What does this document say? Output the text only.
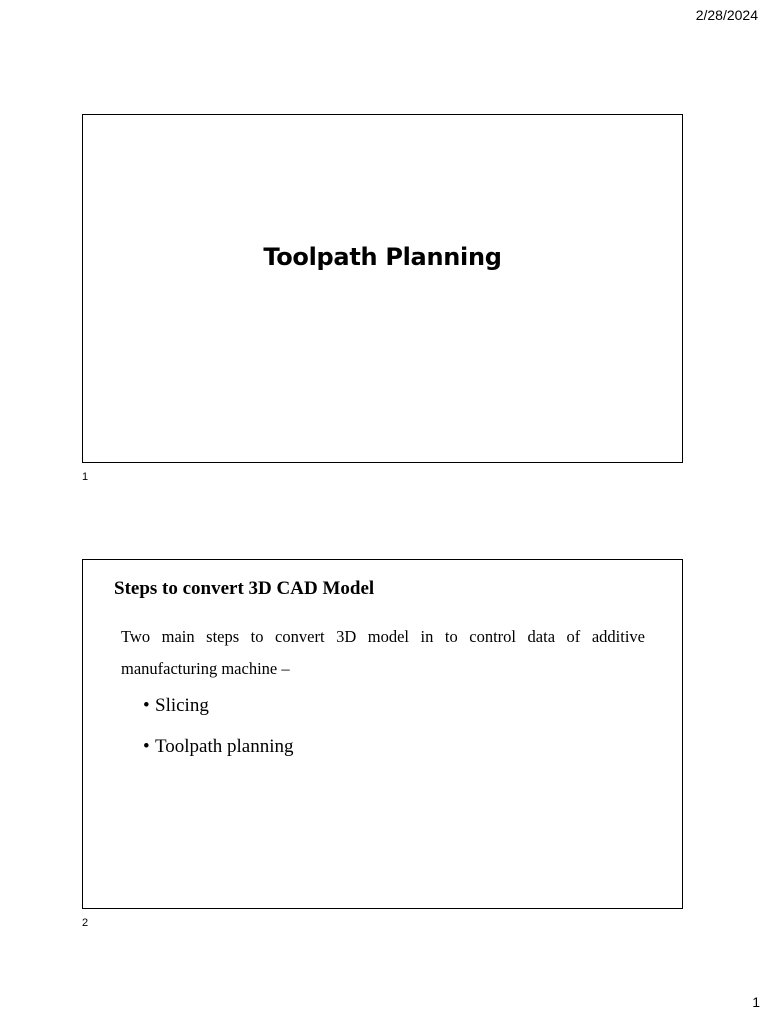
2/28/2024
Toolpath Planning
1
Steps to convert 3D CAD Model
Two main steps to convert 3D model in to control data of additive manufacturing machine –
• Slicing
• Toolpath planning
2
1
